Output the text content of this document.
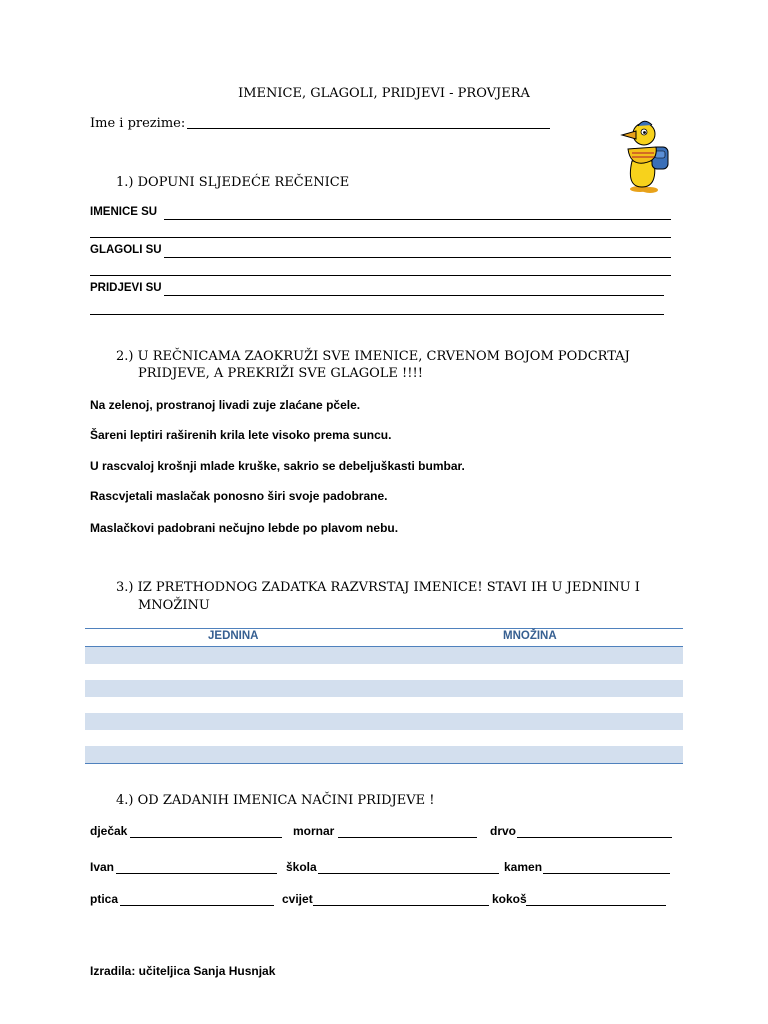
IMENICE, GLAGOLI, PRIDJEVI - PROVJERA
Ime i prezime:
1.) DOPUNI SLJEDEĆE REČENICE
IMENICE SU
GLAGOLI SU
PRIDJEVI SU
2.) U REČNICAMA ZAOKRUŽI SVE IMENICE, CRVENOM BOJOM PODCRTAJ
PRIDJEVE, A PREKRIŽI SVE GLAGOLE !!!!
Na zelenoj, prostranoj livadi zuje zlaćane pčele.
Šareni leptiri raširenih krila lete visoko prema suncu.
U rascvaloj krošnji mlade kruške, sakrio se debeljuškasti bumbar.
Rascvjetali maslačak ponosno širi svoje padobrane.
Maslačkovi padobrani nečujno lebde po plavom nebu.
3.) IZ PRETHODNOG ZADATKA RAZVRSTAJ IMENICE! STAVI IH U JEDNINU I
MNOŽINU
JEDNINA	MNOŽINA
4.) OD ZADANIH IMENICA NAČINI PRIDJEVE !
dječak	mornar	drvo
Ivan	škola	kamen
ptica	cvijet	kokoš
Izradila: učiteljica Sanja Husnjak
